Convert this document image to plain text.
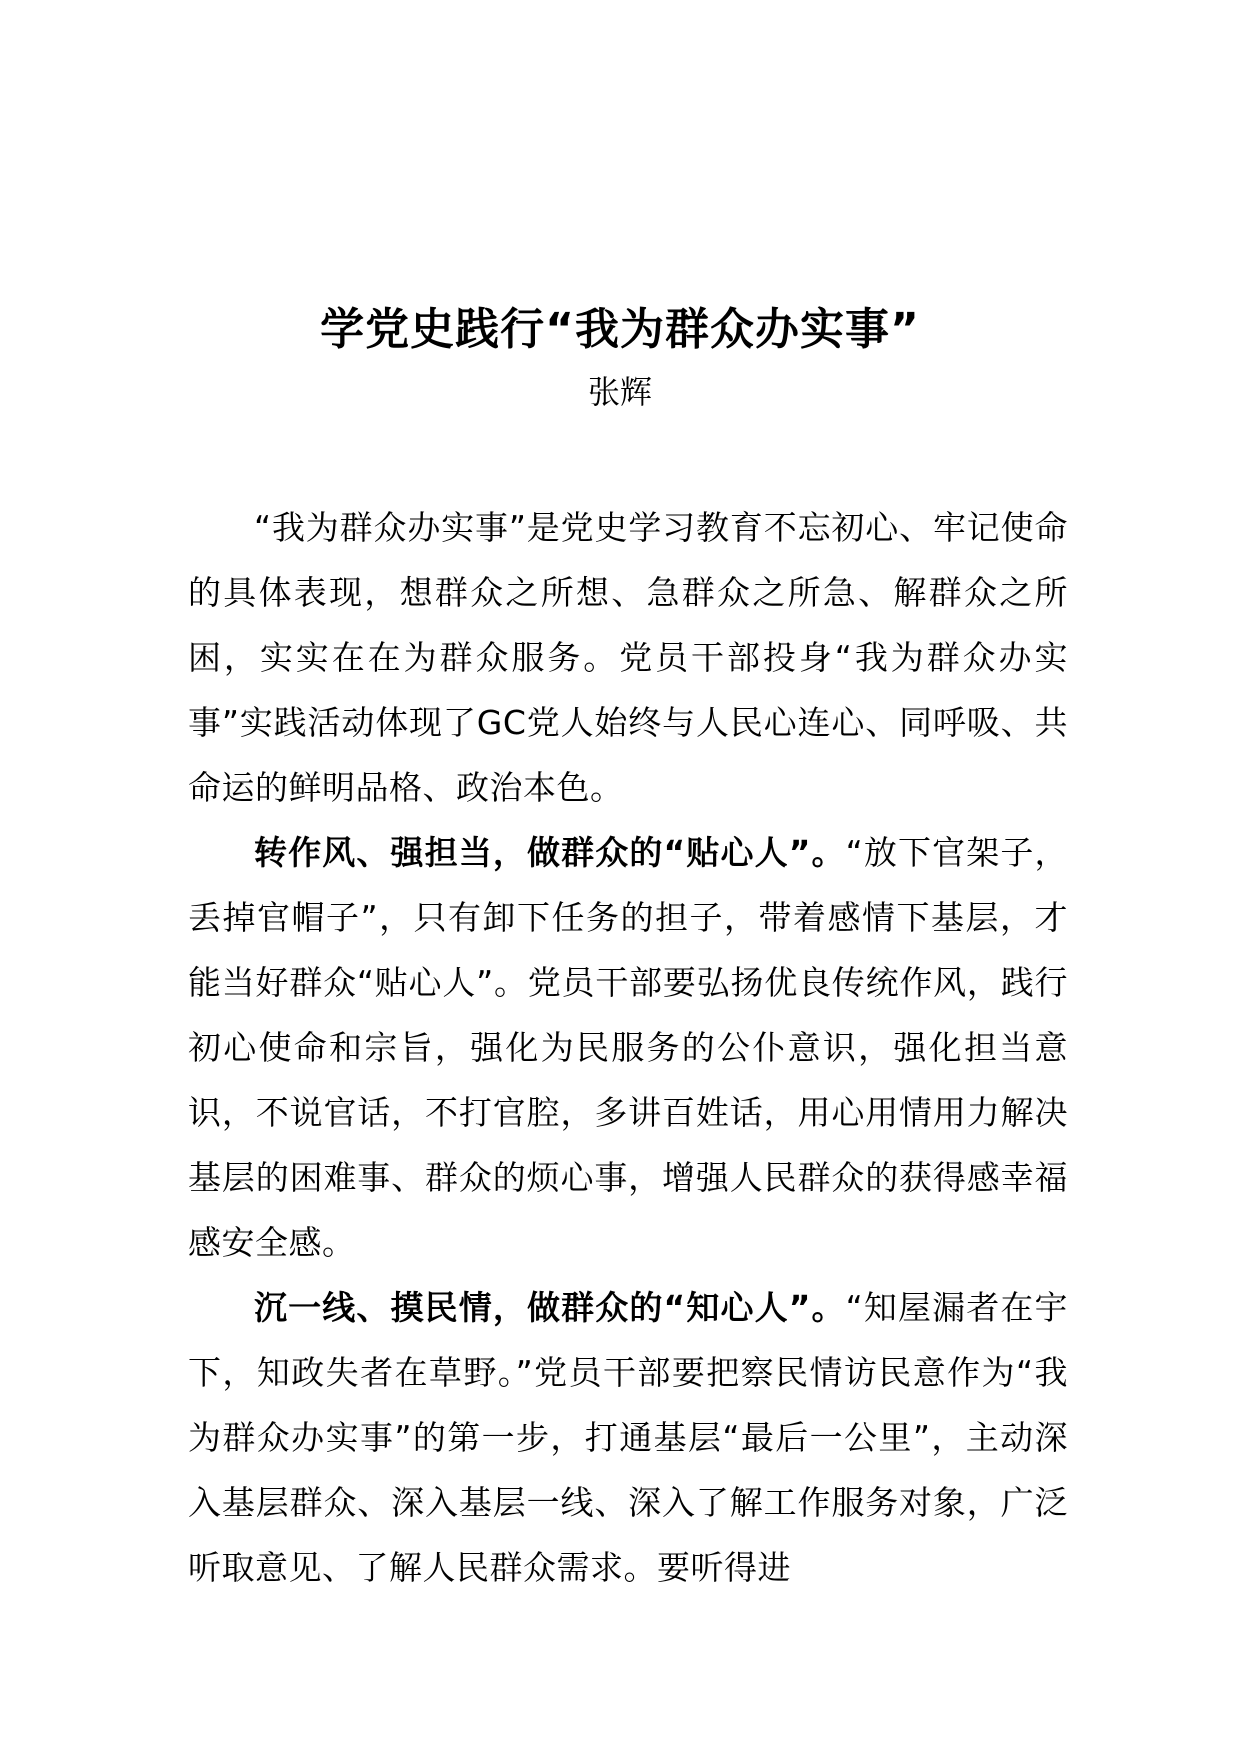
学党史践行“我为群众办实事”
张辉

“我为群众办实事”是党史学习教育不忘初心、牢记使命的具体表现，想群众之所想、急群众之所急、解群众之所困，实实在在为群众服务。党员干部投身“我为群众办实事”实践活动体现了GC党人始终与人民心连心、同呼吸、共命运的鲜明品格、政治本色。

转作风、强担当，做群众的“贴心人”。“放下官架子，丢掉官帽子”，只有卸下任务的担子，带着感情下基层，才能当好群众“贴心人”。党员干部要弘扬优良传统作风，践行初心使命和宗旨，强化为民服务的公仆意识，强化担当意识，不说官话，不打官腔，多讲百姓话，用心用情用力解决基层的困难事、群众的烦心事，增强人民群众的获得感幸福感安全感。

沉一线、摸民情，做群众的“知心人”。“知屋漏者在宇下，知政失者在草野。”党员干部要把察民情访民意作为“我为群众办实事”的第一步，打通基层“最后一公里”，主动深入基层群众、深入基层一线、深入了解工作服务对象，广泛听取意见、了解人民群众需求。要听得进
